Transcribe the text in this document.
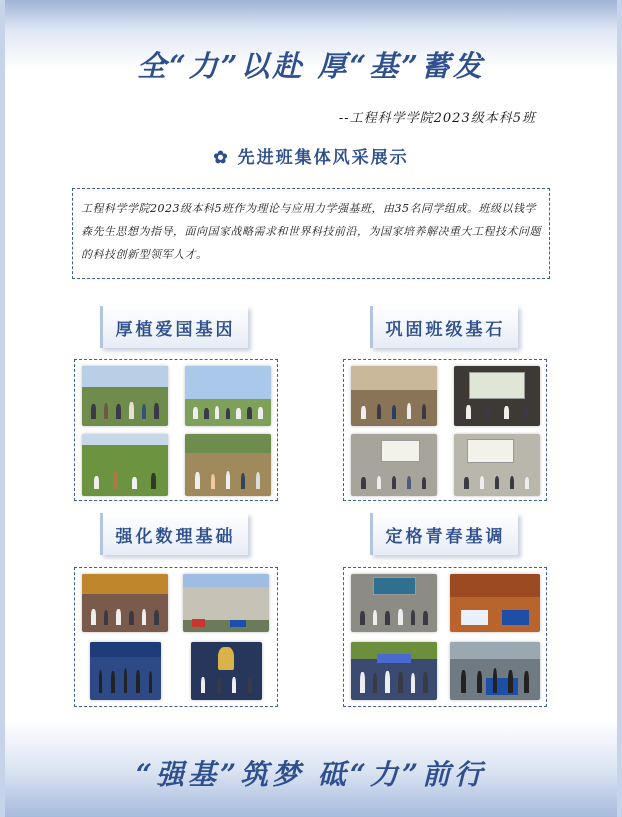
全“力”以赴 厚“基”蓄发
--工程科学学院2023级本科5班
✿ 先进班集体风采展示
工程科学学院2023级本科5班作为理论与应用力学强基班，由35名同学组成。班级以钱学森先生思想为指导，面向国家战略需求和世界科技前沿，为国家培养解决重大工程技术问题的科技创新型领军人才。
厚植爱国基因	巩固班级基石
强化数理基础	定格青春基调
“强基”筑梦 砥“力”前行
